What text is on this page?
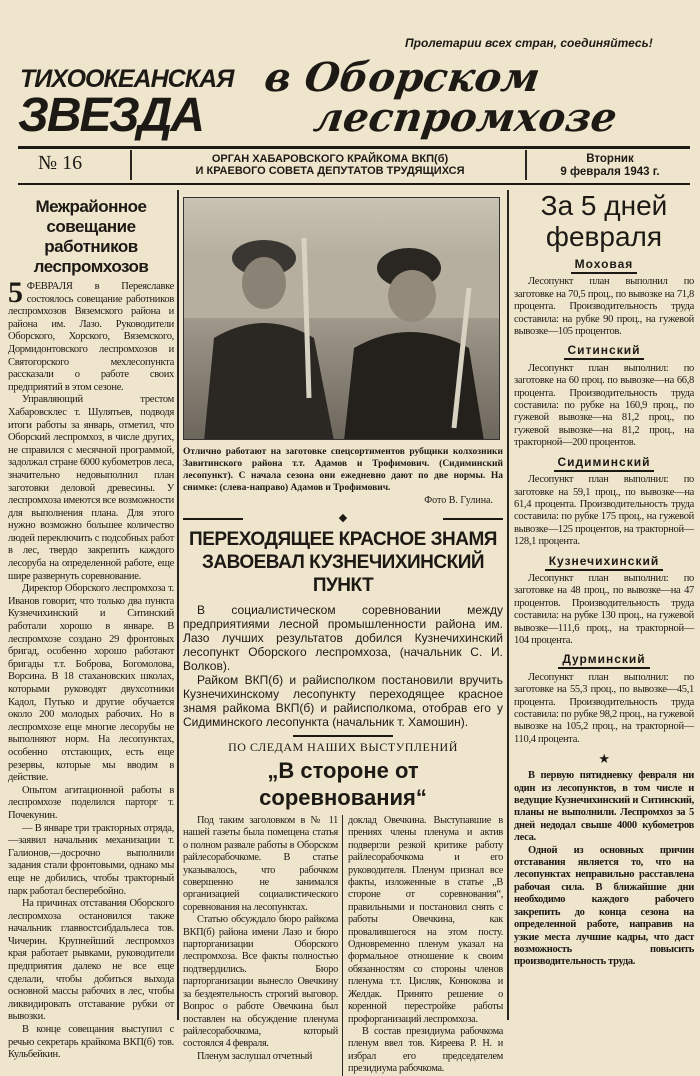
Пролетарии всех стран, соединяйтесь!
ТИХООКЕАНСКАЯ
ЗВЕЗДА
в Оборском
леспромхозе
№ 16	ОРГАН ХАБАРОВСКОГО КРАЙКОМА ВКП(б)
И КРАЕВОГО СОВЕТА ДЕПУТАТОВ ТРУДЯЩИХСЯ
Вторник
9 февраля 1943 г.
Межрайонное совещание работников леспромхозов
5 ФЕВРАЛЯ в Переяславке состоялось совещание работников леспромхозов Вяземского района и района им. Лазо. Руководители Оборского, Хорского, Вяземского, Дормидонтовского леспромхозов и Святогорского мехлесопункта рассказали о работе своих предприятий в этом сезоне.

Управляющий трестом Хабаровсклес т. Шулятьев, подводя итоги работы за январь, отметил, что Оборский леспромхоз, в числе других, не справился с месячной программой, задолжал стране 6000 кубометров леса, значительно недовыполнил план заготовки деловой древесины. У леспромхоза имеются все возможности для выполнения плана. Для этого нужно возможно большее количество людей переключить с подсобных работ в лес, твердо закрепить каждого лесоруба на определенной работе, еще шире развернуть соревнование.

Директор Оборского леспромхоза т. Иванов говорит, что только два пункта Кузнечихинский и Ситинский работали хорошо в январе. В леспромхозе создано 29 фронтовых бригад, особенно хорошо работают бригады т.т. Боброва, Богомолова, Ворсина. В 18 стахановских школах, которыми руководят двухсотники Кадол, Путько и другие обучается около 200 молодых рабочих. Но в леспромхозе еще многие лесорубы не выполняют норм. На лесопунктах, особенно отстающих, есть еще резервы, которые мы вводим в действие.

Опытом агитационной работы в леспромхозе поделился парторг т. Почекунин.

— В январе три тракторных отряда,—заявил начальник механизации т. Галионов,—досрочно выполнили задания стали фронтовыми, однако мы еще не добились, чтобы тракторный парк работал бесперебойно.

На причинах отставания Оборского леспромхоза остановился также начальник главвостсибдальлеса тов. Чичерин. Крупнейший леспромхоз края работает рывками, руководители предприятия далеко не все еще сделали, чтобы добиться выхода основной массы рабочих в лес, чтобы ликвидировать отставание рубки от вывозки.

В конце совещания выступил с речью секретарь крайкома ВКП(б) тов. Кульбейкин.

Отлично работают на заготовке спецсортиментов рубщики колхозники Завитинского района т.т. Адамов и Трофимович. (Сидиминский лесопункт). С начала сезона они ежедневно дают по две нормы. На снимке: (слева-направо) Адамов и Трофимович.
Фото В. Гулина.
◆
ПЕРЕХОДЯЩЕЕ КРАСНОЕ ЗНАМЯ
ЗАВОЕВАЛ КУЗНЕЧИХИНСКИЙ ПУНКТ

В социалистическом соревновании между предприятиями лесной промышленности района им. Лазо лучших результатов добился Кузнечихинский лесопункт Оборского леспромхоза, (начальник С. И. Волков).

Райком ВКП(б) и райисполком постановили вручить Кузнечихинскому лесопункту переходящее красное знамя райкома ВКП(б) и райисполкома, отобрав его у Сидиминского лесопункта (начальник т. Хамошин).

ПО СЛЕДАМ НАШИХ ВЫСТУПЛЕНИЙ
„В стороне от соревнования“

Под таким заголовком в № 11 нашей газеты была помещена статья о полном развале работы в Оборском райлесорабочкоме. В статье указывалось, что рабочком совершенно не занимался организацией социалистического соревнования на лесопунктах.

Статью обсуждало бюро райкома ВКП(б) района имени Лазо и бюро парторганизации Оборского леспромхоза. Все факты полностью подтвердились. Бюро парторганизации вынесло Овечкину за бездеятельность строгий выговор. Вопрос о работе Овечкина был поставлен на обсуждение пленума райлесорабочкома, который состоялся 4 февраля.

Пленум заслушал отчетный

доклад Овечкина. Выступавшие в прениях члены пленума и актив подвергли резкой критике работу райлесорабочкома и его руководителя. Пленум признал все факты, изложенные в статье „В стороне от соревнования“, правильными и постановил снять с работы Овечкина, как провалившегося на этом посту. Одновременно пленум указал на формальное отношение к своим обязанностям со стороны членов пленума т.т. Цисляк, Конюкова и Желдак. Принято решение о коренной перестройке работы профорганизаций леспромхоза.

В состав президиума рабочкома пленум ввел тов. Киреева Р. Н. и избрал его председателем президиума рабочкома.

За 5 дней февраля
Моховая

Лесопункт план выполнил по заготовке на 70,5 проц., по вывозке на 71,8 процента. Производительность труда составила: на рубке 90 проц., на гужевой вывозке—105 процентов.

Ситинский

Лесопункт план выполнил: по заготовке на 60 проц. по вывозке—на 66,8 процента. Производительность труда составила: по рубке на 160,9 проц., по гужевой вывозке—на 81,2 проц., по гужевой вывозке—на 81,2 проц., на тракторной—200 процентов.

Сидиминский

Лесопункт план выполнил: по заготовке на 59,1 проц., по вывозке—на 61,4 процента. Производительность труда составила: по рубке 175 проц., на гужевой вывозке—125 процентов, на тракторной—128,1 процента.

Кузнечихинский

Лесопункт план выполнил: по заготовке на 48 проц., по вывозке—на 47 процентов. Производительность труда составила: на рубке 130 проц., на гужевой вывозке—111,6 проц., на тракторной—104 процента.

Дурминский

Лесопункт план выполнил: по заготовке на 55,3 проц., по вывозке—45,1 процента. Производительность труда составила: по рубке 98,2 проц., на гужевой вывозке на 105,2 проц., на тракторной—110,4 процента.

★

В первую пятидневку февраля ни один из лесопунктов, в том числе и ведущие Кузнечихинский и Ситинский, планы не выполнили. Леспромхоз за 5 дней недодал свыше 4000 кубометров леса.

Одной из основных причин отставания является то, что на лесопунктах неправильно расставлена рабочая сила. В ближайшие дни необходимо каждого рабочего закрепить до конца сезона на определенной работе, направив на узкие места лучшие кадры, что даст возможность повысить производительность труда.
